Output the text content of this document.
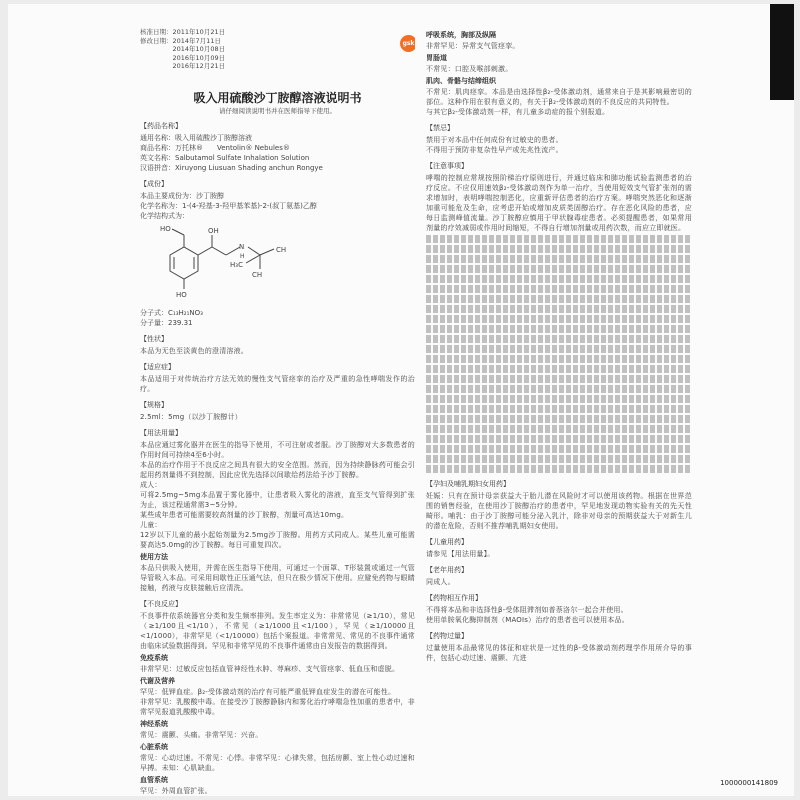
核准日期：2011年10月21日

修改日期：2014年7月11日

　　　　　2014年10月08日

　　　　　2016年10月09日

　　　　　2016年12月21日

gsk
吸入用硫酸沙丁胺醇溶液说明书
请仔细阅读说明书并在医师指导下使用。
【药品名称】

通用名称：吸入用硫酸沙丁胺醇溶液

商品名称：万托林®　　Ventolin® Nebules®

英文名称：Salbutamol Sulfate Inhalation Solution

汉语拼音：Xiruyong Liusuan Shading anchun Rongye

【成份】

本品主要成份为：沙丁胺醇

化学名称为：1-(4-羟基-3-羟甲基苯基)-2-(叔丁氨基)乙醇

化学结构式为：

HO	OH
N
H
CH
CH
H₃C
HO

分子式：C₁₃H₂₁NO₃

分子量：239.31

【性状】

本品为无色至淡黄色的澄清溶液。

【适应症】

本品适用于对传统治疗方法无效的慢性支气管痉挛的治疗及严重的急性哮喘发作的治疗。

【规格】

2.5ml：5mg（以沙丁胺醇计）

【用法用量】

本品应通过雾化器并在医生的指导下使用，不可注射或者服。沙丁胺醇对大多数患者的作用时间可持续4至6小时。

本品的治疗作用于不良反应之间具有很大的安全范围。然而，因为持续静脉药可能会引起用药剂量得不到控制，因此应优先选择以间歇给药法给予沙丁胺醇。

成人：

可将2.5mg~5mg本品置于雾化器中，让患者吸入雾化的溶液，直至支气管得到扩张为止，该过程通常需3~5分钟。

某些成年患者可能需要较高剂量的沙丁胺醇，剂量可高达10mg。

儿童：

12岁以下儿童的最小起始剂量为2.5mg沙丁胺醇。用药方式同成人。某些儿童可能需要高达5.0mg的沙丁胺醇。每日可重复四次。

使用方法

本品只供吸入使用，并需在医生指导下使用，可通过一个面罩、T形装置或通过一气管导管吸入本品。可采用间歇性正压通气法，但只在极少情况下使用。应避免药物与眼睛接触，药液与皮肤接触后应清洗。

【不良反应】

不良事件依系统器官分类和发生频率排列。发生率定义为：非常常见（≥1/10），常见（≥1/100且<1/10），不常见（≥1/1000且<1/100），罕见（≥1/10000且<1/1000），非常罕见（<1/10000）包括个案报道。非常常见、常见的不良事件通常由临床试验数据得到。罕见和非常罕见的不良事件通常由自发报告的数据得到。

免疫系统

非常罕见：过敏反应包括血管神经性水肿、荨麻疹、支气管痉挛、低血压和虚脱。

代谢及营养

罕见：低钾血症。β₂-受体激动剂的治疗有可能严重低钾血症发生的潜在可能性。

非常罕见：乳酸酸中毒。在接受沙丁胺醇静脉内和雾化治疗哮喘急性加重的患者中，非常罕见报道乳酸酸中毒。

神经系统

常见：震颤、头痛。非常罕见：兴奋。

心脏系统

常见：心动过速。不常见：心悸。非常罕见：心律失常，包括房颤、室上性心动过速和早搏。未知：心肌缺血。

血管系统

罕见：外周血管扩张。

呼吸系统，胸部及纵隔

非常罕见：异常支气管痉挛。

胃肠道

不常见：口腔及喉部刺激。

肌肉、骨骼与结缔组织

不常见：肌肉痉挛。本品是由选择性β₂-受体激动剂，通常来自于是其影响最密切的部位。这种作用在很有意义的，有关于β₂-受体激动剂的不良反应的共同特性。

与其它β₂-受体激动剂一样，有儿童多动症的报个别报道。

【禁忌】

禁用于对本品中任何成份有过敏史的患者。

不得用于预防非复杂性早产或先兆性流产。

【注意事项】

哮喘的控制应常规按照阶梯治疗原则进行，并通过临床和肺功能试验监测患者的治疗反应。不应仅用速效β₂-受体激动剂作为单一治疗，当使用短效支气管扩张剂的需求增加时，表明哮喘控制恶化，应重新评估患者的治疗方案。哮喘突然恶化和逐渐加重可能危及生命，应考虑开始或增加皮质类固醇治疗。存在恶化风险的患者，应每日监测峰值流量。沙丁胺醇应慎用于甲状腺毒症患者。必须提醒患者，如果常用剂量的疗效减弱或作用时间缩短，不得自行增加剂量或用药次数，而应立即就医。

【孕妇及哺乳期妇女用药】

妊娠：只有在预计母亲获益大于胎儿潜在风险时才可以使用该药物。根据在世界范围的销售经验，在使用沙丁胺醇治疗的患者中，罕见地发现动物实验有关的先天性畸形。哺乳：由于沙丁胺醇可能分泌入乳汁，除非对母亲的预期获益大于对新生儿的潜在危险，否则不推荐哺乳期妇女使用。

【儿童用药】

请参见【用法用量】。

【老年用药】

同成人。

【药物相互作用】

不得将本品和非选择性β-受体阻滞剂如普萘洛尔一起合并使用。

使用单胺氧化酶抑制剂（MAOIs）治疗的患者也可以使用本品。

【药物过量】

过量使用本品最常见的体征和症状是一过性的β-受体激动剂药理学作用所介导的事件，包括心动过速、震颤、亢进

1000000141809
